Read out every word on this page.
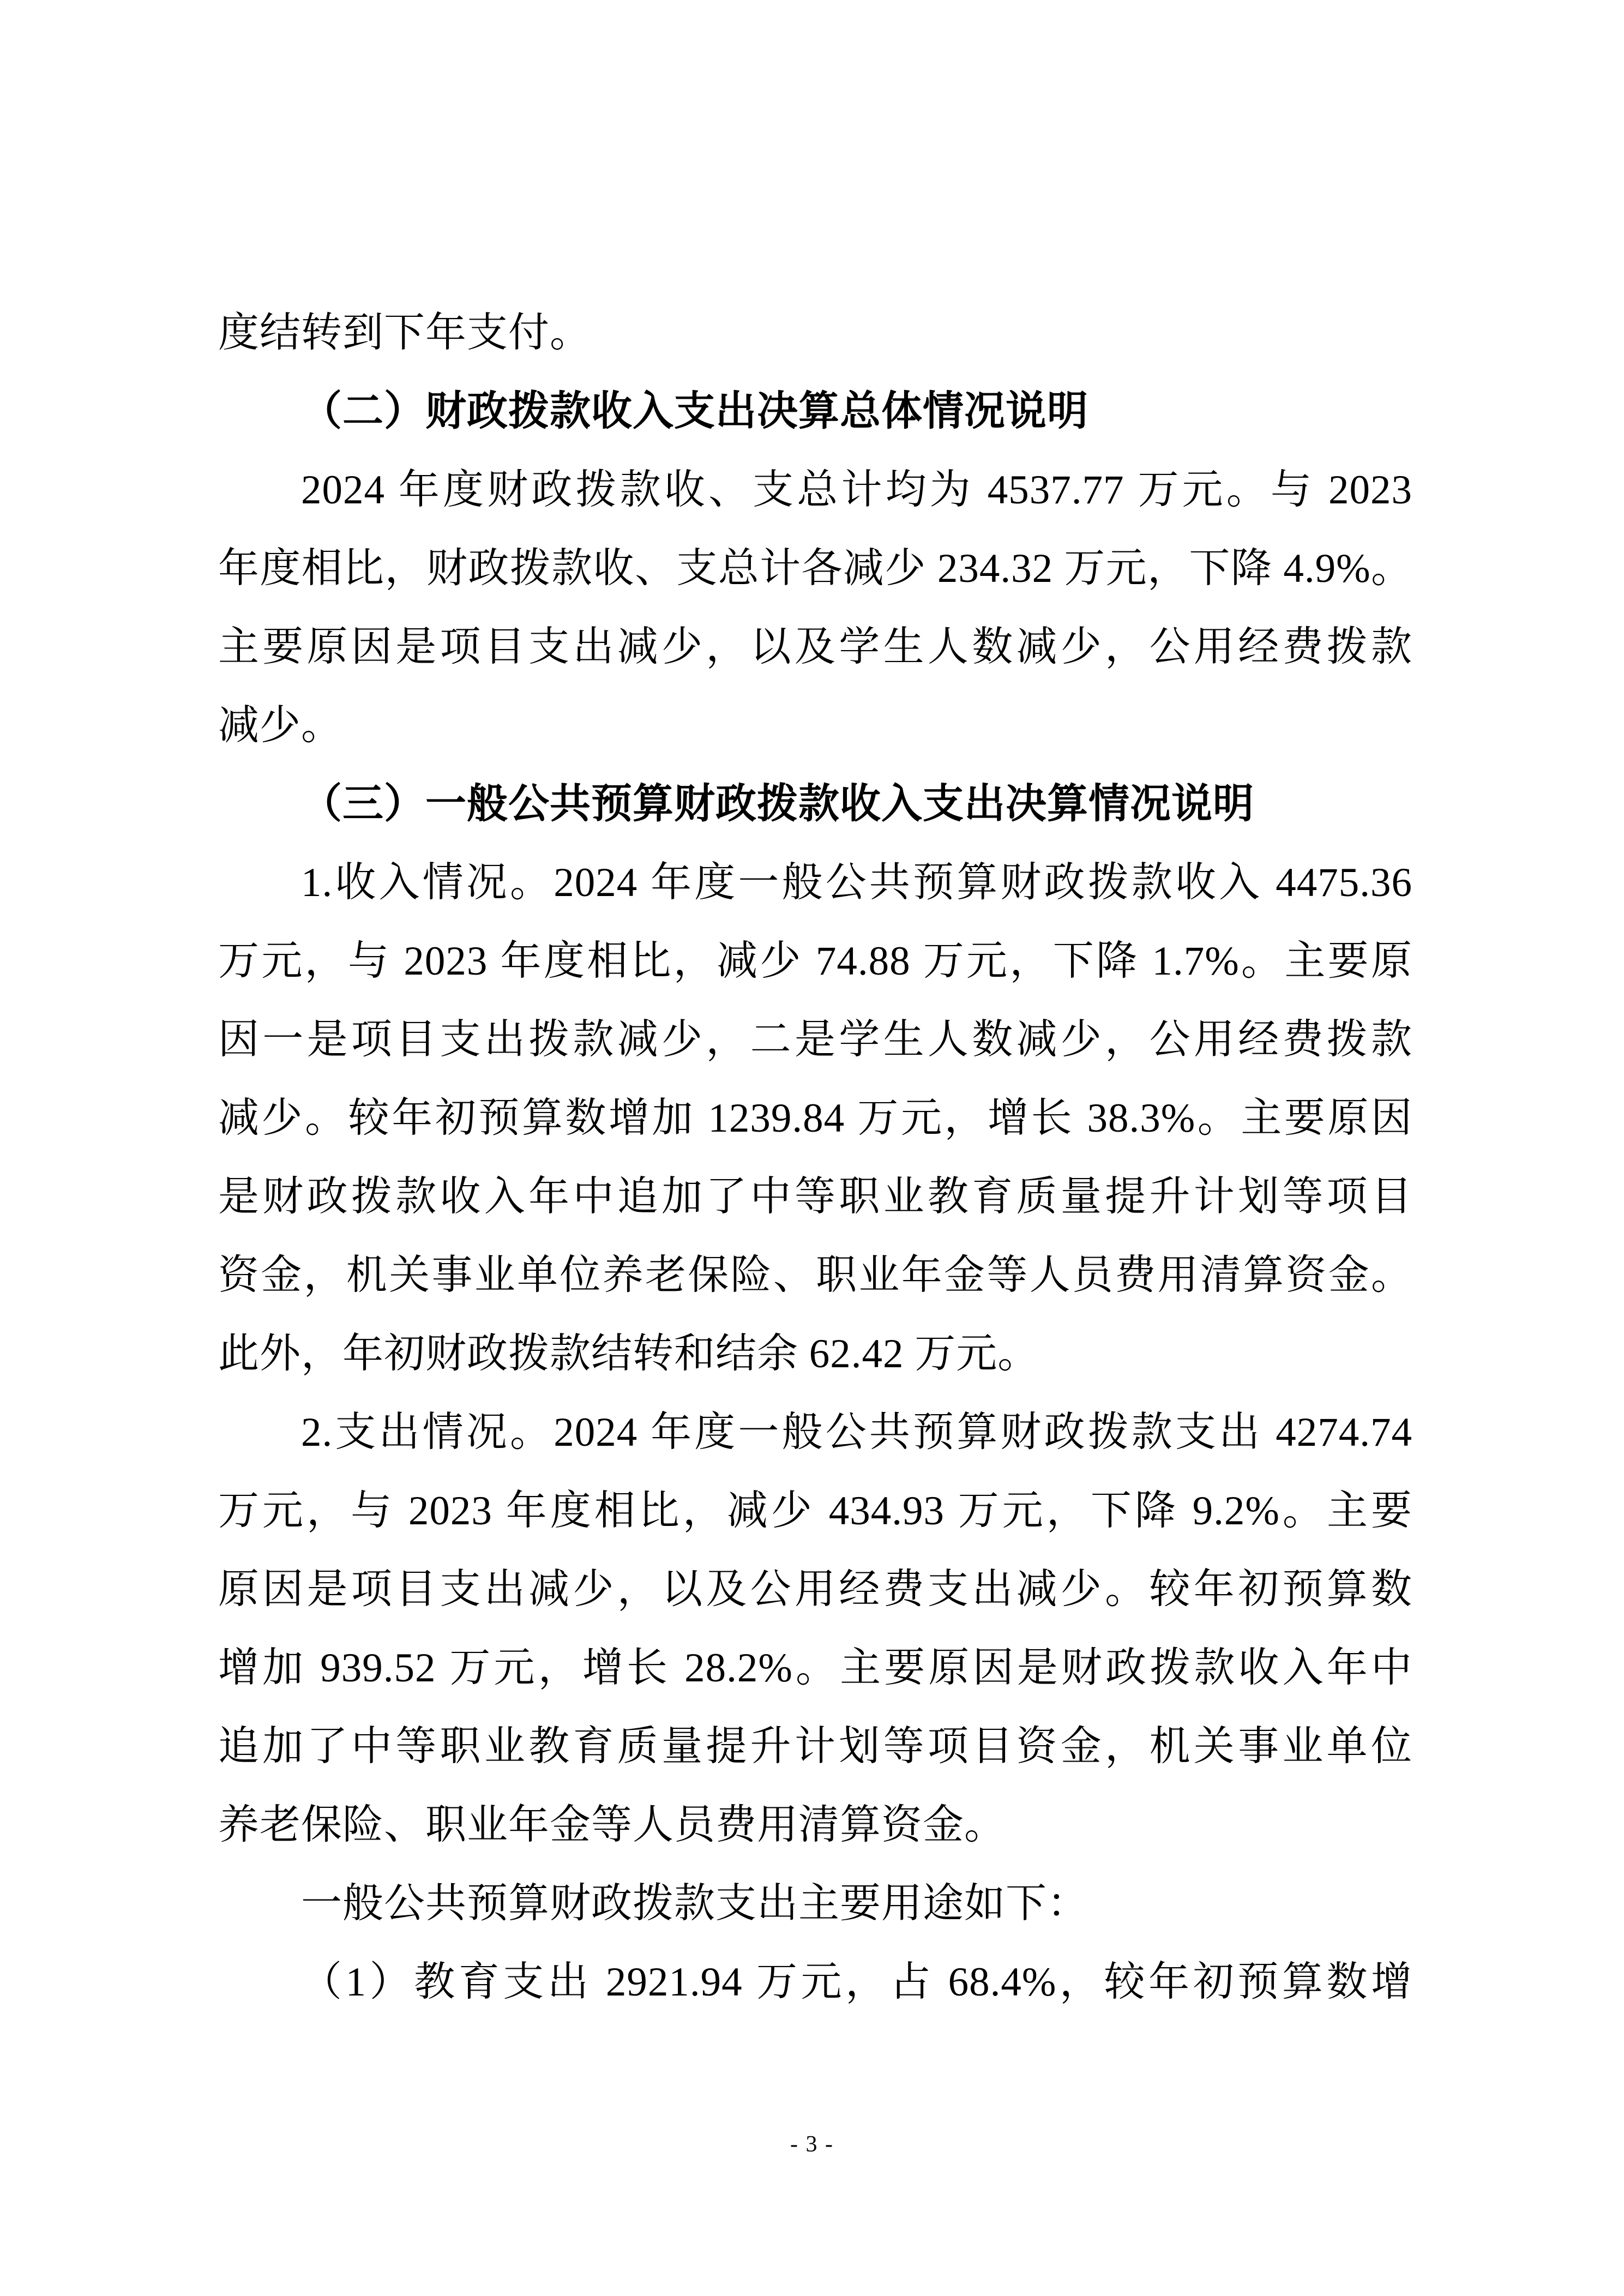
度结转到下年支付。
（二）财政拨款收入支出决算总体情况说明
2024 年度财政拨款收、支总计均为 4537.77 万元。与 2023
年度相比，财政拨款收、支总计各减少 234.32 万元，下降 4.9%。
主要原因是项目支出减少，以及学生人数减少，公用经费拨款
减少。
（三）一般公共预算财政拨款收入支出决算情况说明
1.收入情况。2024 年度一般公共预算财政拨款收入 4475.36
万元，与 2023 年度相比，减少 74.88 万元，下降 1.7%。主要原
因一是项目支出拨款减少，二是学生人数减少，公用经费拨款
减少。较年初预算数增加 1239.84 万元，增长 38.3%。主要原因
是财政拨款收入年中追加了中等职业教育质量提升计划等项目
资金，机关事业单位养老保险、职业年金等人员费用清算资金。
此外，年初财政拨款结转和结余 62.42 万元。
2.支出情况。2024 年度一般公共预算财政拨款支出 4274.74
万元，与 2023 年度相比，减少 434.93 万元，下降 9.2%。主要
原因是项目支出减少，以及公用经费支出减少。较年初预算数
增加 939.52 万元，增长 28.2%。主要原因是财政拨款收入年中
追加了中等职业教育质量提升计划等项目资金，机关事业单位
养老保险、职业年金等人员费用清算资金。
一般公共预算财政拨款支出主要用途如下：
（1）教育支出 2921.94 万元，占 68.4%，较年初预算数增
- 3 -
